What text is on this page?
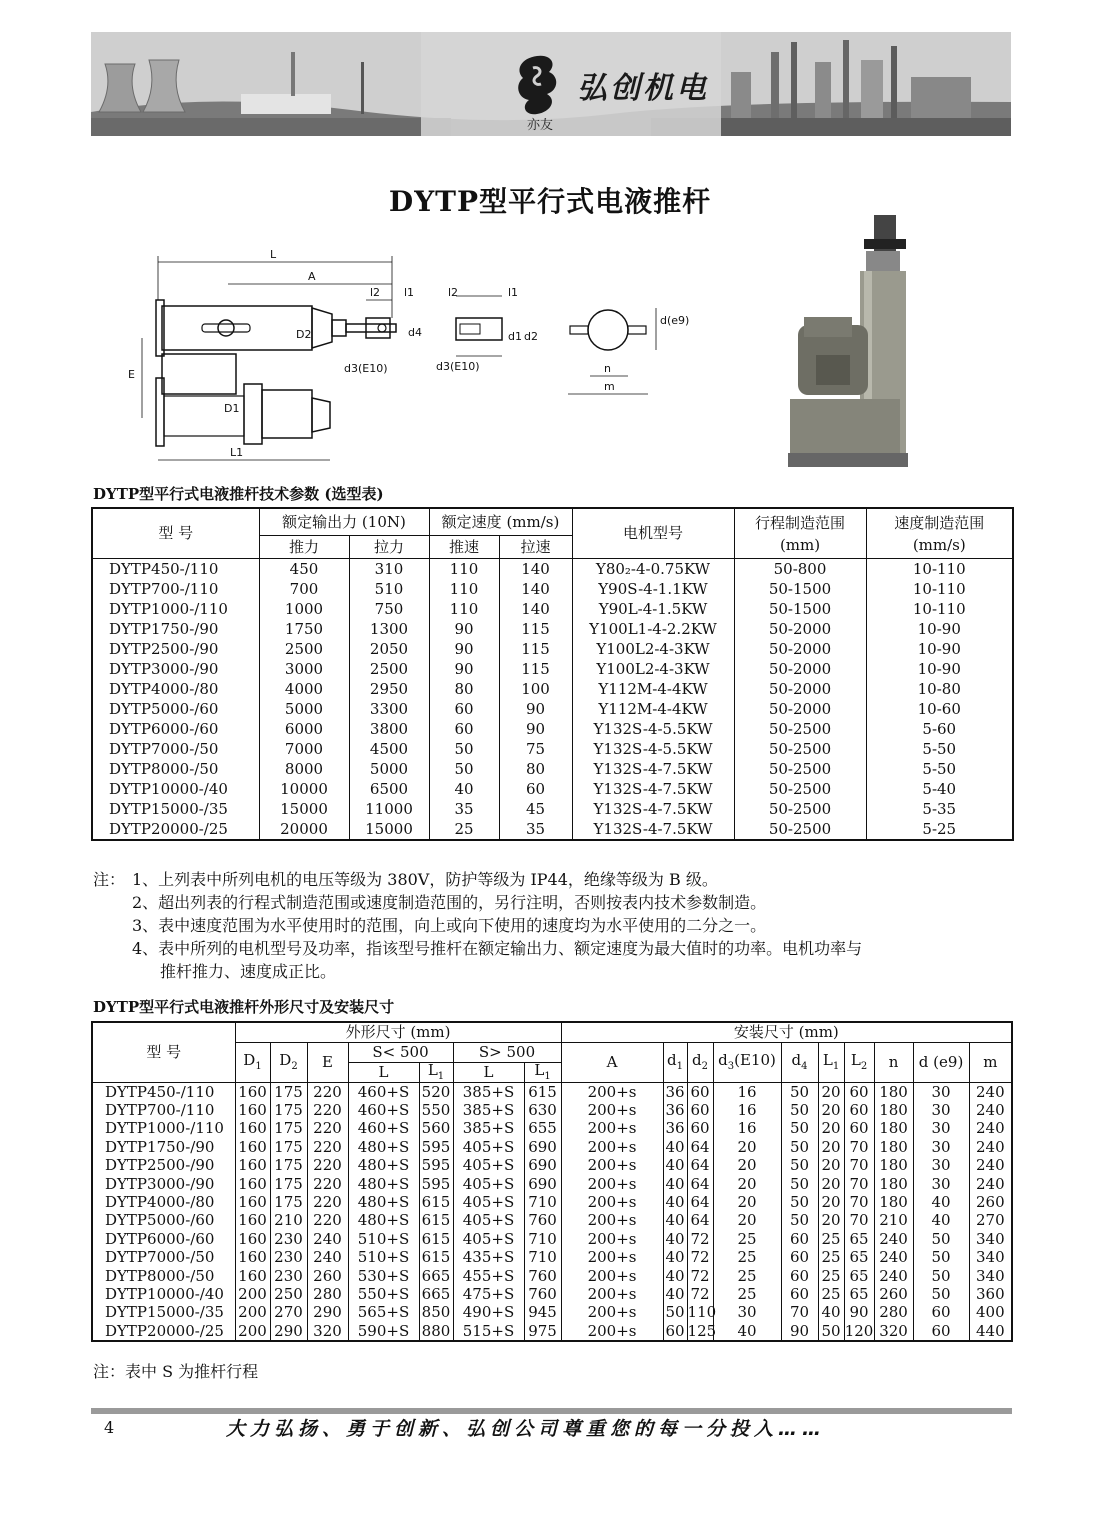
弘创机电
亦友
DYTP型平行式电液推杆
L
A
l2 l1
D2	d4
E
D1
L1
d3(E10)
d1 d2
d3(E10)
l2	l1
d(e9)
n
m
DYTP型平行式电液推杆技术参数 (选型表)
型 号	额定输出力 (10N)		额定速度 (mm/s)		电机型号	行程制造范围
(mm)	速度制造范围
(mm/s)
	推力	拉力	推速	拉速			
DYTP450-/110	450	310	110	140	Y80₂-4-0.75KW	50-800	10-110
DYTP700-/110	700	510	110	140	Y90S-4-1.1KW	50-1500	10-110
DYTP1000-/110	1000	750	110	140	Y90L-4-1.5KW	50-1500	10-110
DYTP1750-/90	1750	1300	90	115	Y100L1-4-2.2KW	50-2000	10-90
DYTP2500-/90	2500	2050	90	115	Y100L2-4-3KW	50-2000	10-90
DYTP3000-/90	3000	2500	90	115	Y100L2-4-3KW	50-2000	10-90
DYTP4000-/80	4000	2950	80	100	Y112M-4-4KW	50-2000	10-80
DYTP5000-/60	5000	3300	60	90	Y112M-4-4KW	50-2000	10-60
DYTP6000-/60	6000	3800	60	90	Y132S-4-5.5KW	50-2500	5-60
DYTP7000-/50	7000	4500	50	75	Y132S-4-5.5KW	50-2500	5-50
DYTP8000-/50	8000	5000	50	80	Y132S-4-7.5KW	50-2500	5-50
DYTP10000-/40	10000	6500	40	60	Y132S-4-7.5KW	50-2500	5-40
DYTP15000-/35	15000	11000	35	45	Y132S-4-7.5KW	50-2500	5-35
DYTP20000-/25	20000	15000	25	35	Y132S-4-7.5KW	50-2500	5-25
注： 1、上列表中所列电机的电压等级为 380V，防护等级为 IP44，绝缘等级为 B 级。
2、超出列表的行程式制造范围或速度制造范围的，另行注明，否则按表内技术参数制造。
3、表中速度范围为水平使用时的范围，向上或向下使用的速度均为水平使用的二分之一。
4、表中所列的电机型号及功率，指该型号推杆在额定输出力、额定速度为最大值时的功率。电机功率与
推杆推力、速度成正比。
DYTP型平行式电液推杆外形尺寸及安装尺寸
型 号	外形尺寸 (mm)							安装尺寸 (mm)									
	$D_1$	$D_2$	E	S< 500		S> 500		A	$d_1$	$d_2$	$d_3(E10)$	$d_4$	$L_1$	$L_2$	n	d (e9)	m
				L	$L_1$	L	$L_1$
DYTP450-/110	160	175	220	460+S	520	385+S	615	200+s	36	60	16	50	20	60	180	30	240
DYTP700-/110	160	175	220	460+S	550	385+S	630	200+s	36	60	16	50	20	60	180	30	240
DYTP1000-/110	160	175	220	460+S	560	385+S	655	200+s	36	60	16	50	20	60	180	30	240
DYTP1750-/90	160	175	220	480+S	595	405+S	690	200+s	40	64	20	50	20	70	180	30	240
DYTP2500-/90	160	175	220	480+S	595	405+S	690	200+s	40	64	20	50	20	70	180	30	240
DYTP3000-/90	160	175	220	480+S	595	405+S	690	200+s	40	64	20	50	20	70	180	30	240
DYTP4000-/80	160	175	220	480+S	615	405+S	710	200+s	40	64	20	50	20	70	180	40	260
DYTP5000-/60	160	210	220	480+S	615	405+S	760	200+s	40	64	20	50	20	70	210	40	270
DYTP6000-/60	160	230	240	510+S	615	405+S	710	200+s	40	72	25	60	25	65	240	50	340
DYTP7000-/50	160	230	240	510+S	615	435+S	710	200+s	40	72	25	60	25	65	240	50	340
DYTP8000-/50	160	230	260	530+S	665	455+S	760	200+s	40	72	25	60	25	65	240	50	340
DYTP10000-/40	200	250	280	550+S	665	475+S	760	200+s	40	72	25	60	25	65	260	50	360
DYTP15000-/35	200	270	290	565+S	850	490+S	945	200+s	50	110	30	70	40	90	280	60	400
DYTP20000-/25	200	290	320	590+S	880	515+S	975	200+s	60	125	40	90	50	120	320	60	440
注：表中 S 为推杆行程
4	大力弘扬、勇于创新、弘创公司尊重您的每一分投入……
